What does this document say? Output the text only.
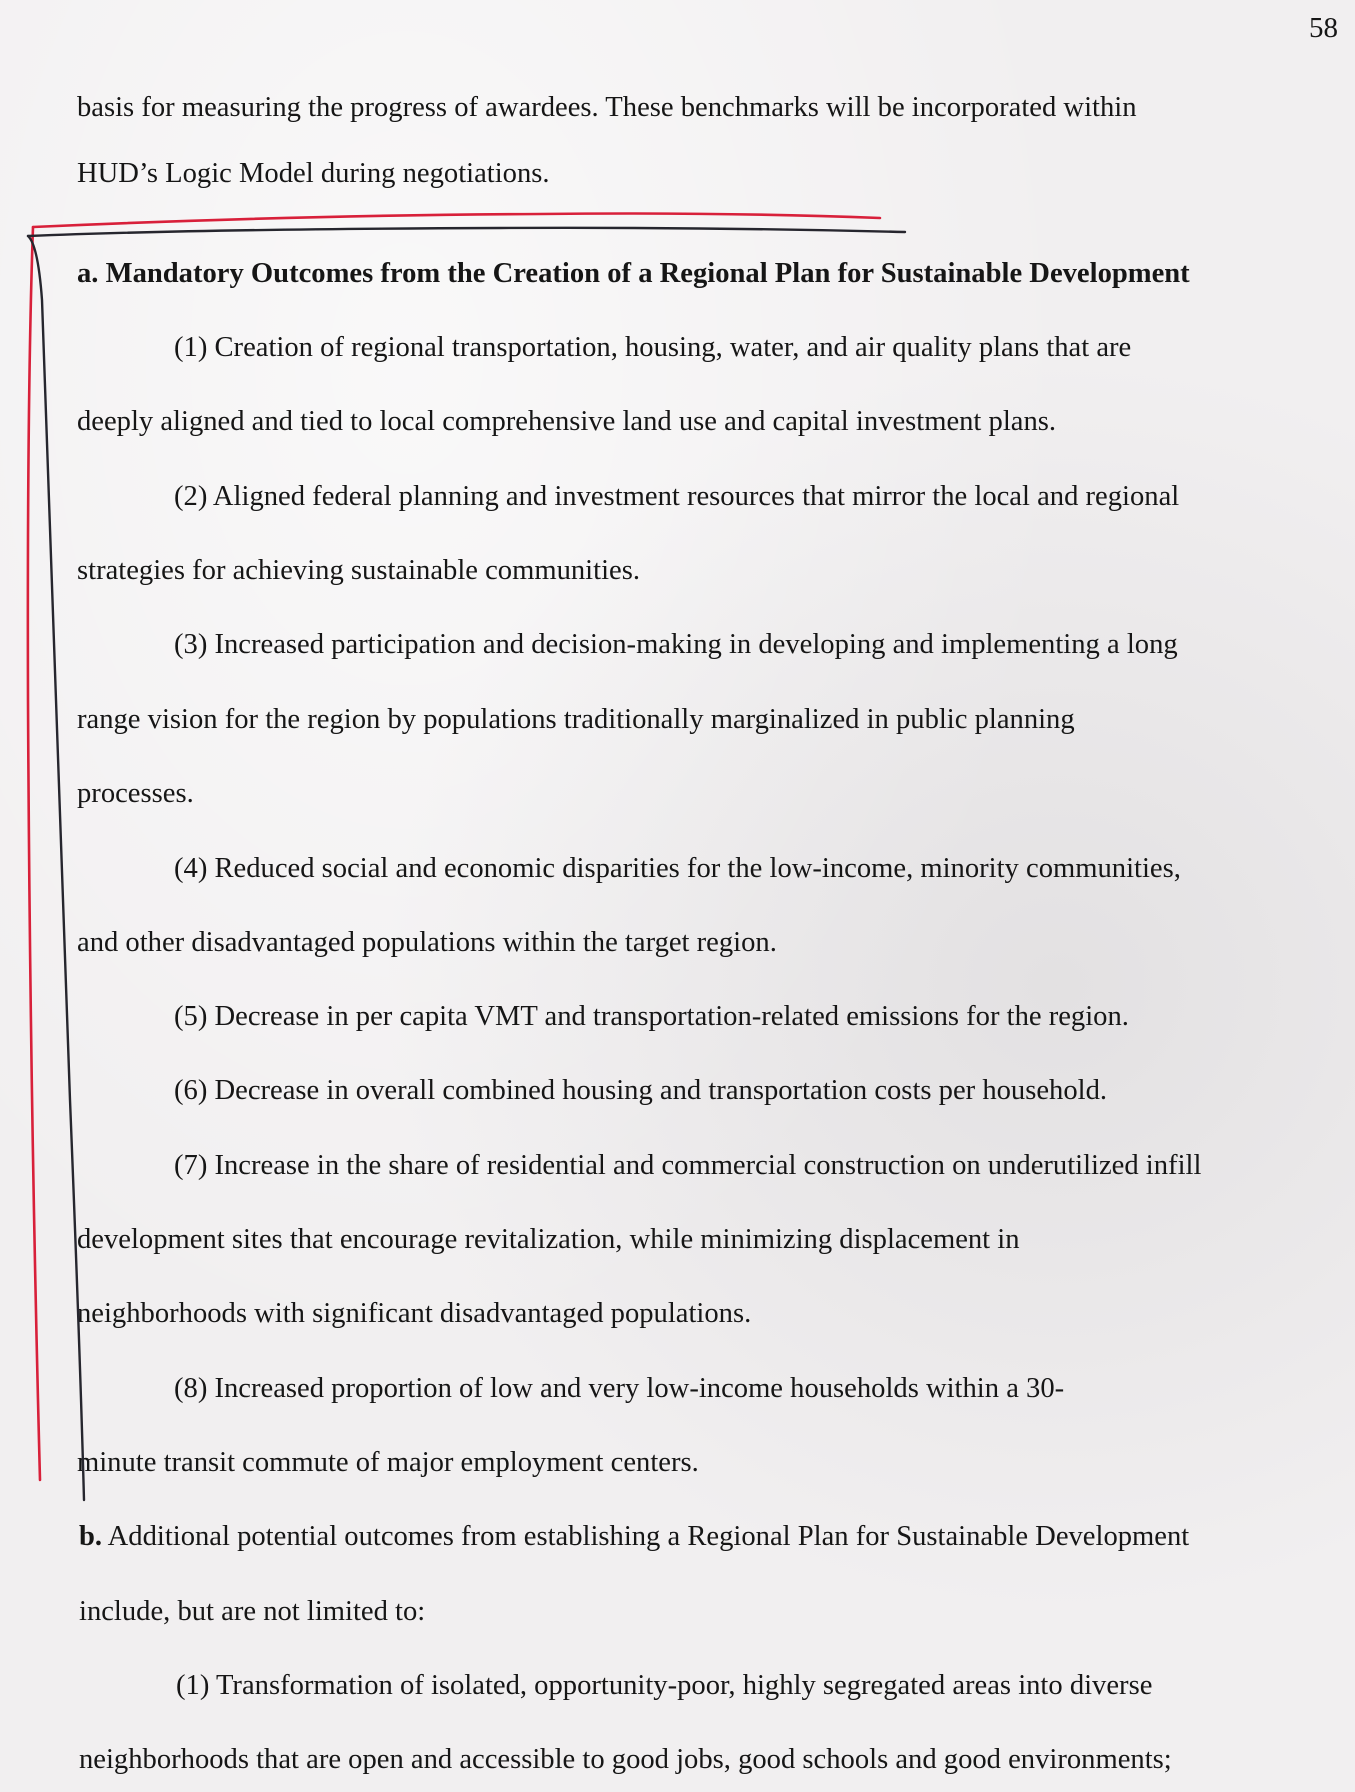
58
basis for measuring the progress of awardees. These benchmarks will be incorporated within
HUD’s Logic Model during negotiations.
a. Mandatory Outcomes from the Creation of a Regional Plan for Sustainable Development
(1) Creation of regional transportation, housing, water, and air quality plans that are
deeply aligned and tied to local comprehensive land use and capital investment plans.
(2) Aligned federal planning and investment resources that mirror the local and regional
strategies for achieving sustainable communities.
(3) Increased participation and decision-making in developing and implementing a long
range vision for the region by populations traditionally marginalized in public planning
processes.
(4) Reduced social and economic disparities for the low-income, minority communities,
and other disadvantaged populations within the target region.
(5) Decrease in per capita VMT and transportation-related emissions for the region.
(6) Decrease in overall combined housing and transportation costs per household.
(7) Increase in the share of residential and commercial construction on underutilized infill
development sites that encourage revitalization, while minimizing displacement in
neighborhoods with significant disadvantaged populations.
(8) Increased proportion of low and very low-income households within a 30-
minute transit commute of major employment centers.
b. Additional potential outcomes from establishing a Regional Plan for Sustainable Development
include, but are not limited to:
(1) Transformation of isolated, opportunity-poor, highly segregated areas into diverse
neighborhoods that are open and accessible to good jobs, good schools and good environments;
